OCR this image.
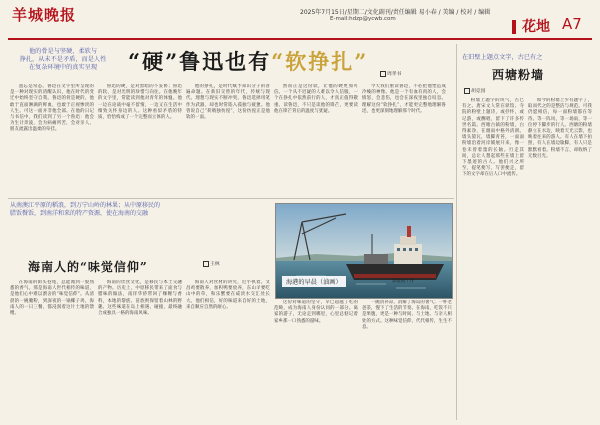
羊城晚报	2025年7月15日/星期二/文化副刊/责任编辑 易小春 / 美编 / 校对 / 编辑
E-mail:hdzp@ycwb.com	花地 A7
他的骨是与坚硬、柔软与
挣扎，从未不是矛盾，而是人性
在复杂环境中的真实呈现	“硬”鲁迅也有“软挣扎”
周孝书

遗忘是常态。鲁迅在文字里所呈现的是一种对现实的清醒认识，他在时代的变迁中始终坚守自我。鲁迅的骨是硬的，他敢于直面淋漓的鲜血，也敢于正视惨淡的人生。可这一面并非他全部。在他的日记与书信中，我们读到了另一个鲁迅：他会为生计奔波，会为病痛所苦，会对亲人、朋友流露出温柔的牵挂。

鲁迅的硬，是对黑暗的不妥协；鲁迅的软，是对光明的珍惜与向往。在他晚年的文字里，常能读到他对青年的体恤。他一边在论战中毫不留情，一边又在生活中细致关怀身边的人。这种看似矛盾的特质，恰恰构成了一个完整而立体的人。

他的挣扎，是时代赋予知识分子的普遍命题。在新旧交替的年代，传统与现代、理想与现实不断冲突。鲁迅选择用笔作为武器，却也时常陷入孤独与疲惫。他曾说自己“荷戟独彷徨”，这份彷徨正是他软的一面。

然而正是这份软，让他的硬更加可信。一个从不迟疑的人难以令人信服，一个在挣扎中依然前行的人，才真正值得敬重。读鲁迅，不只是读他的锋芒，更要读他在锋芒背后的温度与犹疑。

今天我们重读鲁迅，不必把他塑造成冷峻的神像。他是一个有血有肉的人，会愤怒，会悲伤，也会在深夜里独自叹息。理解这份“软挣扎”，才能更完整地理解鲁迅，也更深刻地理解那个时代。

在旧壁上题点文字，古已有之
西塘粉墙
胡竞园

粉墙上题字的风气，古已有之。唐宋文人常在驿馆、寺院的粉壁上题诗，或抒怀，或记游，或酬唱，留下了许多传世名篇。西塘古镇的粉墙，白得素净，在烟雨中格外清朗。墙头黛瓦，墙脚青苔，一面面粉墙沿着河岸铺展开来，像一卷未曾着墨的长轴。行走其间，总让人想起那些在墙上留下墨迹的古人。他们兴之所至，提笔便写，写罢便走，留下的文字却在后人口中流传。

如今的粉墙上少有题字了，取而代之的是整洁与规范。可我仍愿相信，每一面粉墙都在等待。等一阵风，等一场雨，等一位停下脚步的行人。西塘的粉墙静立在水边，映着天光云影，也映着往来的游人。有人在墙下拍照，有人在墙边歇脚，有人只是默默看着。粉墙不言，却收纳了无数目光。

从南澳江平原的稻浪，到万宁山岭的林果；从中原移民的
腊饭餐饭，到南洋和来的特产资源，使在海南的交融
海南人的“味觉信仰”	王林

在海南的街头巷尾，总能闻到一股熟悉的香气。那是海南人世代相传的味道，是他们心中难以割舍的“味觉信仰”。从清晨的一碗腌粉，到深夜的一锅椰子鸡，海南人的一日三餐，都浸润着这片土地的馈赠。

海南的饮食文化，是移民与本土交融的产物。历史上，中原移民带来了面食与腊味的做法，南洋华侨带回了咖喱与香料，本地的黎族、苗族则保留着山林的野趣。这些味道在岛上相遇、碰撞，最终融合成独具一格的海南风味。

海南人对食材的讲究，近乎执着。文昌鸡要散养，加积鸭要放养，东山羊要吃山中的草，和乐蟹要在咸淡水交汇处长大。他们相信，好的味道来自好的土地，来自顺应自然的耐心。

这份对味道的坚守，早已超越了吃的范畴，成为海南人身份认同的一部分。离家的游子，无论走到哪里，心里总惦记着家乡那一口熟悉的滋味。

一碗清补凉，消解了海岛的暑气；一杯老爸茶，慢下了生活的节奏。在海南，吃饭不只是果腹，更是一种与时间、与土地、与亲人相处的方式。这种味觉信仰，代代相传，生生不息。

海港的早晨（油画）	郭建国 / 作
